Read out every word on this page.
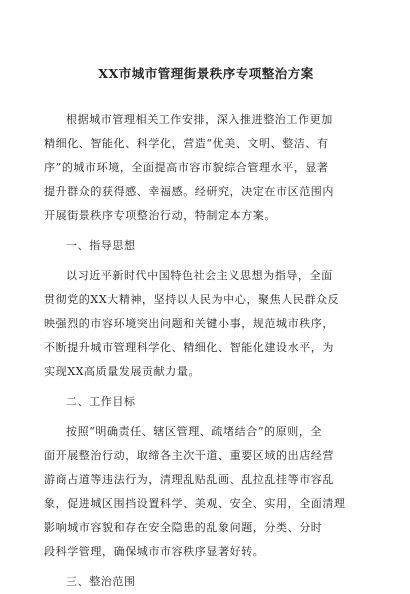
XX市城市管理街景秩序专项整治方案
根据城市管理相关工作安排，深入推进整治工作更加
精细化、智能化、科学化，营造“优美、文明、整洁、有
序”的城市环境，全面提高市容市貌综合管理水平，显著
提升群众的获得感、幸福感。经研究，决定在市区范围内
开展街景秩序专项整治行动，特制定本方案。
一、指导思想
以习近平新时代中国特色社会主义思想为指导，全面
贯彻党的XX大精神，坚持以人民为中心，聚焦人民群众反
映强烈的市容环境突出问题和关键小事，规范城市秩序，
不断提升城市管理科学化、精细化、智能化建设水平，为
实现XX高质量发展贡献力量。
二、工作目标
按照“明确责任、辖区管理、疏堵结合”的原则，全
面开展整治行动，取缔各主次干道、重要区域的出店经营
游商占道等违法行为，清理乱贴乱画、乱拉乱挂等市容乱
象，促进城区围挡设置科学、美观、安全、实用，全面清理
影响城市容貌和存在安全隐患的乱象问题，分类、分时
段科学管理，确保城市市容秩序显著好转。
三、整治范围
